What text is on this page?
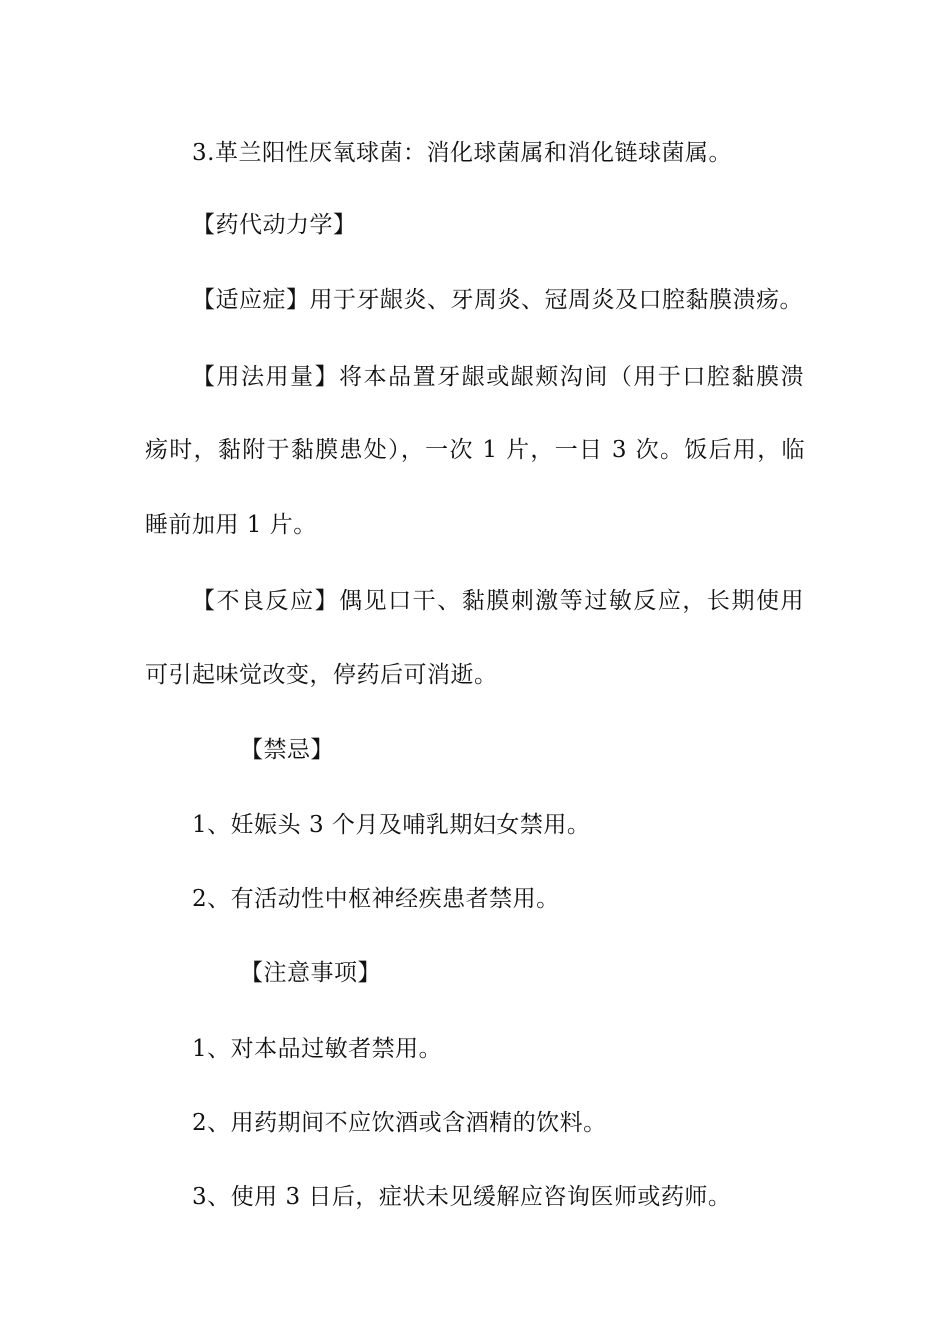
3.革兰阳性厌氧球菌：消化球菌属和消化链球菌属。
【药代动力学】
【适应症】用于牙龈炎、牙周炎、冠周炎及口腔黏膜溃疡。
【用法用量】将本品置牙龈或龈颊沟间（用于口腔黏膜溃
疡时，黏附于黏膜患处），一次 1 片，一日 3 次。饭后用，临
睡前加用 1 片。
【不良反应】偶见口干、黏膜刺激等过敏反应，长期使用
可引起味觉改变，停药后可消逝。
【禁忌】
1、妊娠头 3 个月及哺乳期妇女禁用。
2、有活动性中枢神经疾患者禁用。
【注意事项】
1、对本品过敏者禁用。
2、用药期间不应饮酒或含酒精的饮料。
3、使用 3 日后，症状未见缓解应咨询医师或药师。
